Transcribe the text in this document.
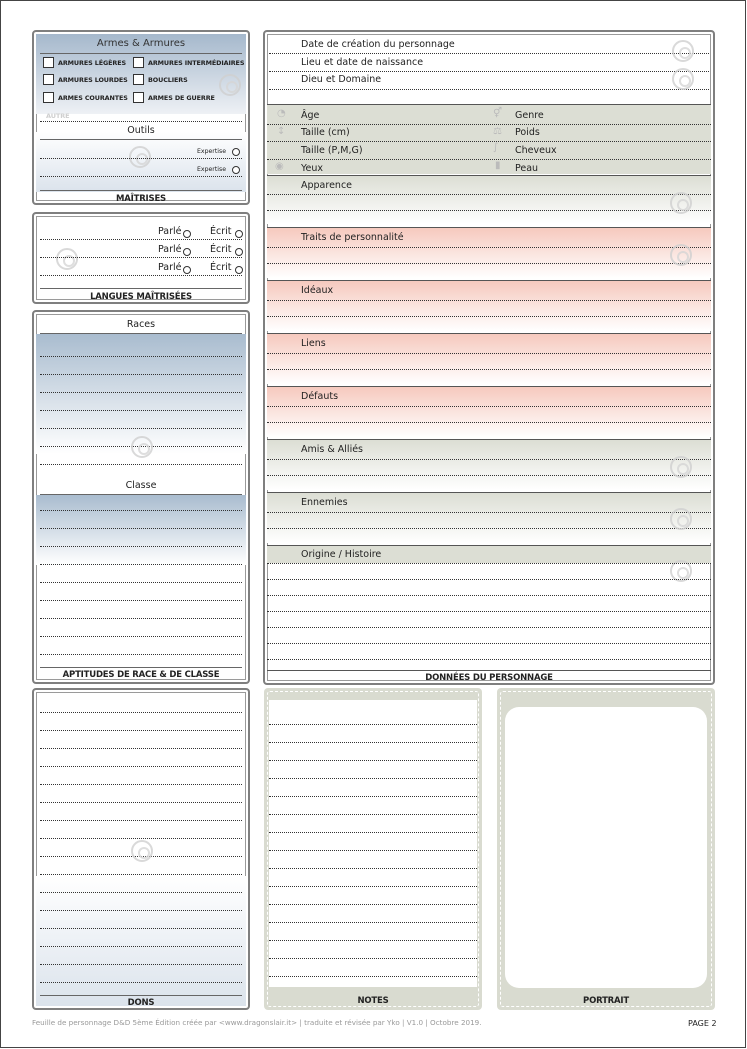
Armes & Armures
ARMURES LÉGÈRES	ARMURES INTERMÉDIAIRES
ARMURES LOURDES	BOUCLIERS
ARMES COURANTES	ARMES DE GUERRE
AUTRE
Outils
Expertise
Expertise
MAÎTRISES
Parlé	Écrit
Parlé	Écrit
Parlé	Écrit
LANGUES MAÎTRISÉES
Races
Classe
APTITUDES DE RACE & DE CLASSE
DONS
Date de création du personnage
Lieu et date de naissance
Dieu et Domaine
◔ Âge	⚥ Genre
↕ Taille (cm)	⚖ Poids
Taille (P,M,G)	∫ Cheveux
◉ Yeux	▮ Peau
Apparence
Traits de personnalité
Idéaux
Liens
Défauts
Amis & Alliés
Ennemies
Origine / Histoire
DONNÉES DU PERSONNAGE
NOTES	PORTRAIT
Feuille de personnage D&D 5ème Édition créée par <www.dragonslair.it> | traduite et révisée par Yko | V1.0 | Octobre 2019.	PAGE 2
